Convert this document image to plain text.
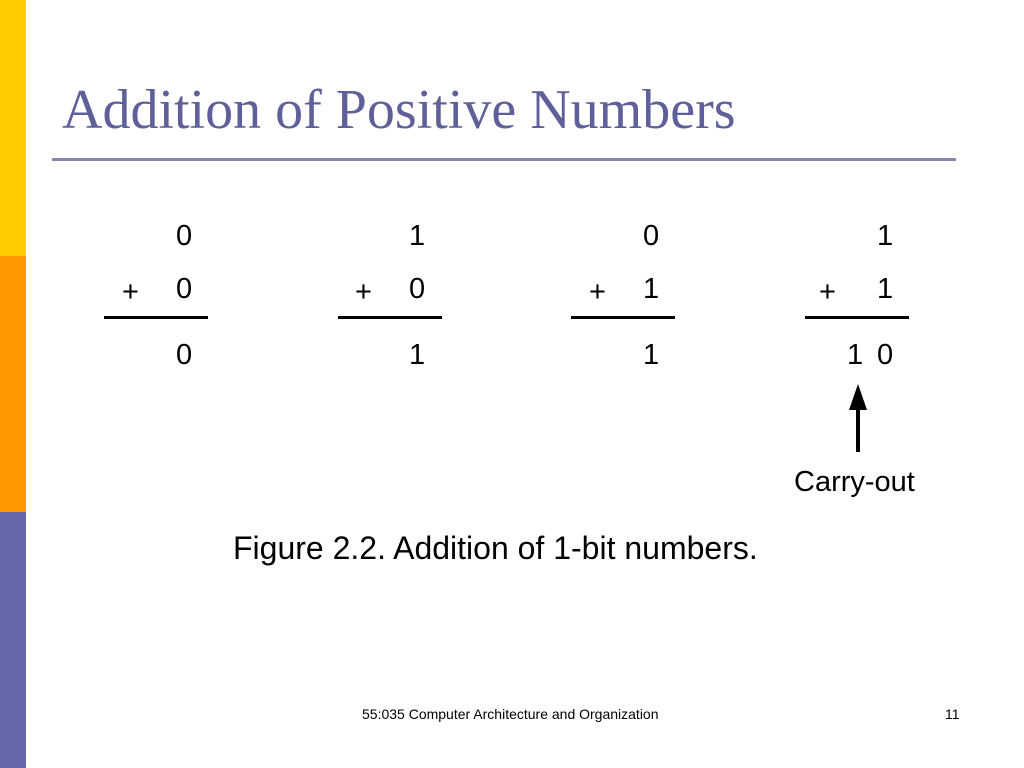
Addition of Positive Numbers
0
+ 0
0
1
+ 0
1
0
+ 1
1
1
+ 1
1 0
Carry-out
Figure 2.2. Addition of 1-bit numbers.
55:035 Computer Architecture and Organization	11
